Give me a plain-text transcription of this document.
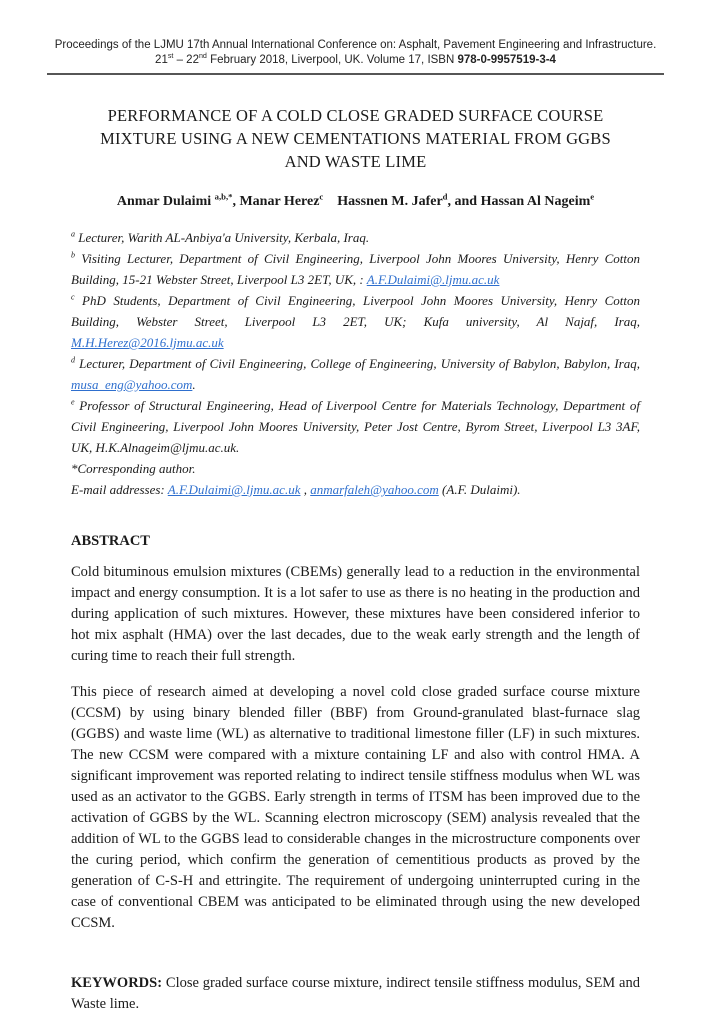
Proceedings of the LJMU 17th Annual International Conference on: Asphalt, Pavement Engineering and Infrastructure.
21st – 22nd February 2018, Liverpool, UK. Volume 17, ISBN 978-0-9957519-3-4
PERFORMANCE OF A COLD CLOSE GRADED SURFACE COURSE
MIXTURE USING A NEW CEMENTATIONS MATERIAL FROM GGBS
AND WASTE LIME
Anmar Dulaimi $^{a,b,*}$, Manar Herez$^c$  Hassnen M. Jafer$^d$, and Hassan Al Nageim$^e$

$^a$ Lecturer, Warith AL-Anbiya'a University, Kerbala, Iraq.

$^b$ Visiting Lecturer, Department of Civil Engineering, Liverpool John Moores University, Henry Cotton Building, 15-21 Webster Street, Liverpool L3 2ET, UK, : A.F.Dulaimi@.ljmu.ac.uk

$^c$ PhD Students, Department of Civil Engineering, Liverpool John Moores University, Henry Cotton Building, Webster Street, Liverpool L3 2ET, UK; Kufa university, Al Najaf, Iraq, M.H.Herez@2016.ljmu.ac.uk

$^d$ Lecturer, Department of Civil Engineering, College of Engineering, University of Babylon, Babylon, Iraq, musa_eng@yahoo.com.

$^e$ Professor of Structural Engineering, Head of Liverpool Centre for Materials Technology, Department of Civil Engineering, Liverpool John Moores University, Peter Jost Centre, Byrom Street, Liverpool L3 3AF, UK, H.K.Alnageim@ljmu.ac.uk.

*Corresponding author.

E-mail addresses: A.F.Dulaimi@.ljmu.ac.uk , anmarfaleh@yahoo.com (A.F. Dulaimi).

ABSTRACT

Cold bituminous emulsion mixtures (CBEMs) generally lead to a reduction in the environmental impact and energy consumption. It is a lot safer to use as there is no heating in the production and during application of such mixtures. However, these mixtures have been considered inferior to hot mix asphalt (HMA) over the last decades, due to the weak early strength and the length of curing time to reach their full strength.

This piece of research aimed at developing a novel cold close graded surface course mixture (CCSM) by using binary blended filler (BBF) from Ground-granulated blast-furnace slag (GGBS) and waste lime (WL) as alternative to traditional limestone filler (LF) in such mixtures. The new CCSM were compared with a mixture containing LF and also with control HMA. A significant improvement was reported relating to indirect tensile stiffness modulus when WL was used as an activator to the GGBS. Early strength in terms of ITSM has been improved due to the activation of GGBS by the WL. Scanning electron microscopy (SEM) analysis revealed that the addition of WL to the GGBS lead to considerable changes in the microstructure components over the curing period, which confirm the generation of cementitious products as proved by the generation of C-S-H and ettringite. The requirement of undergoing uninterrupted curing in the case of conventional CBEM was anticipated to be eliminated through using the new developed CCSM.

KEYWORDS: Close graded surface course mixture, indirect tensile stiffness modulus, SEM and Waste lime.
